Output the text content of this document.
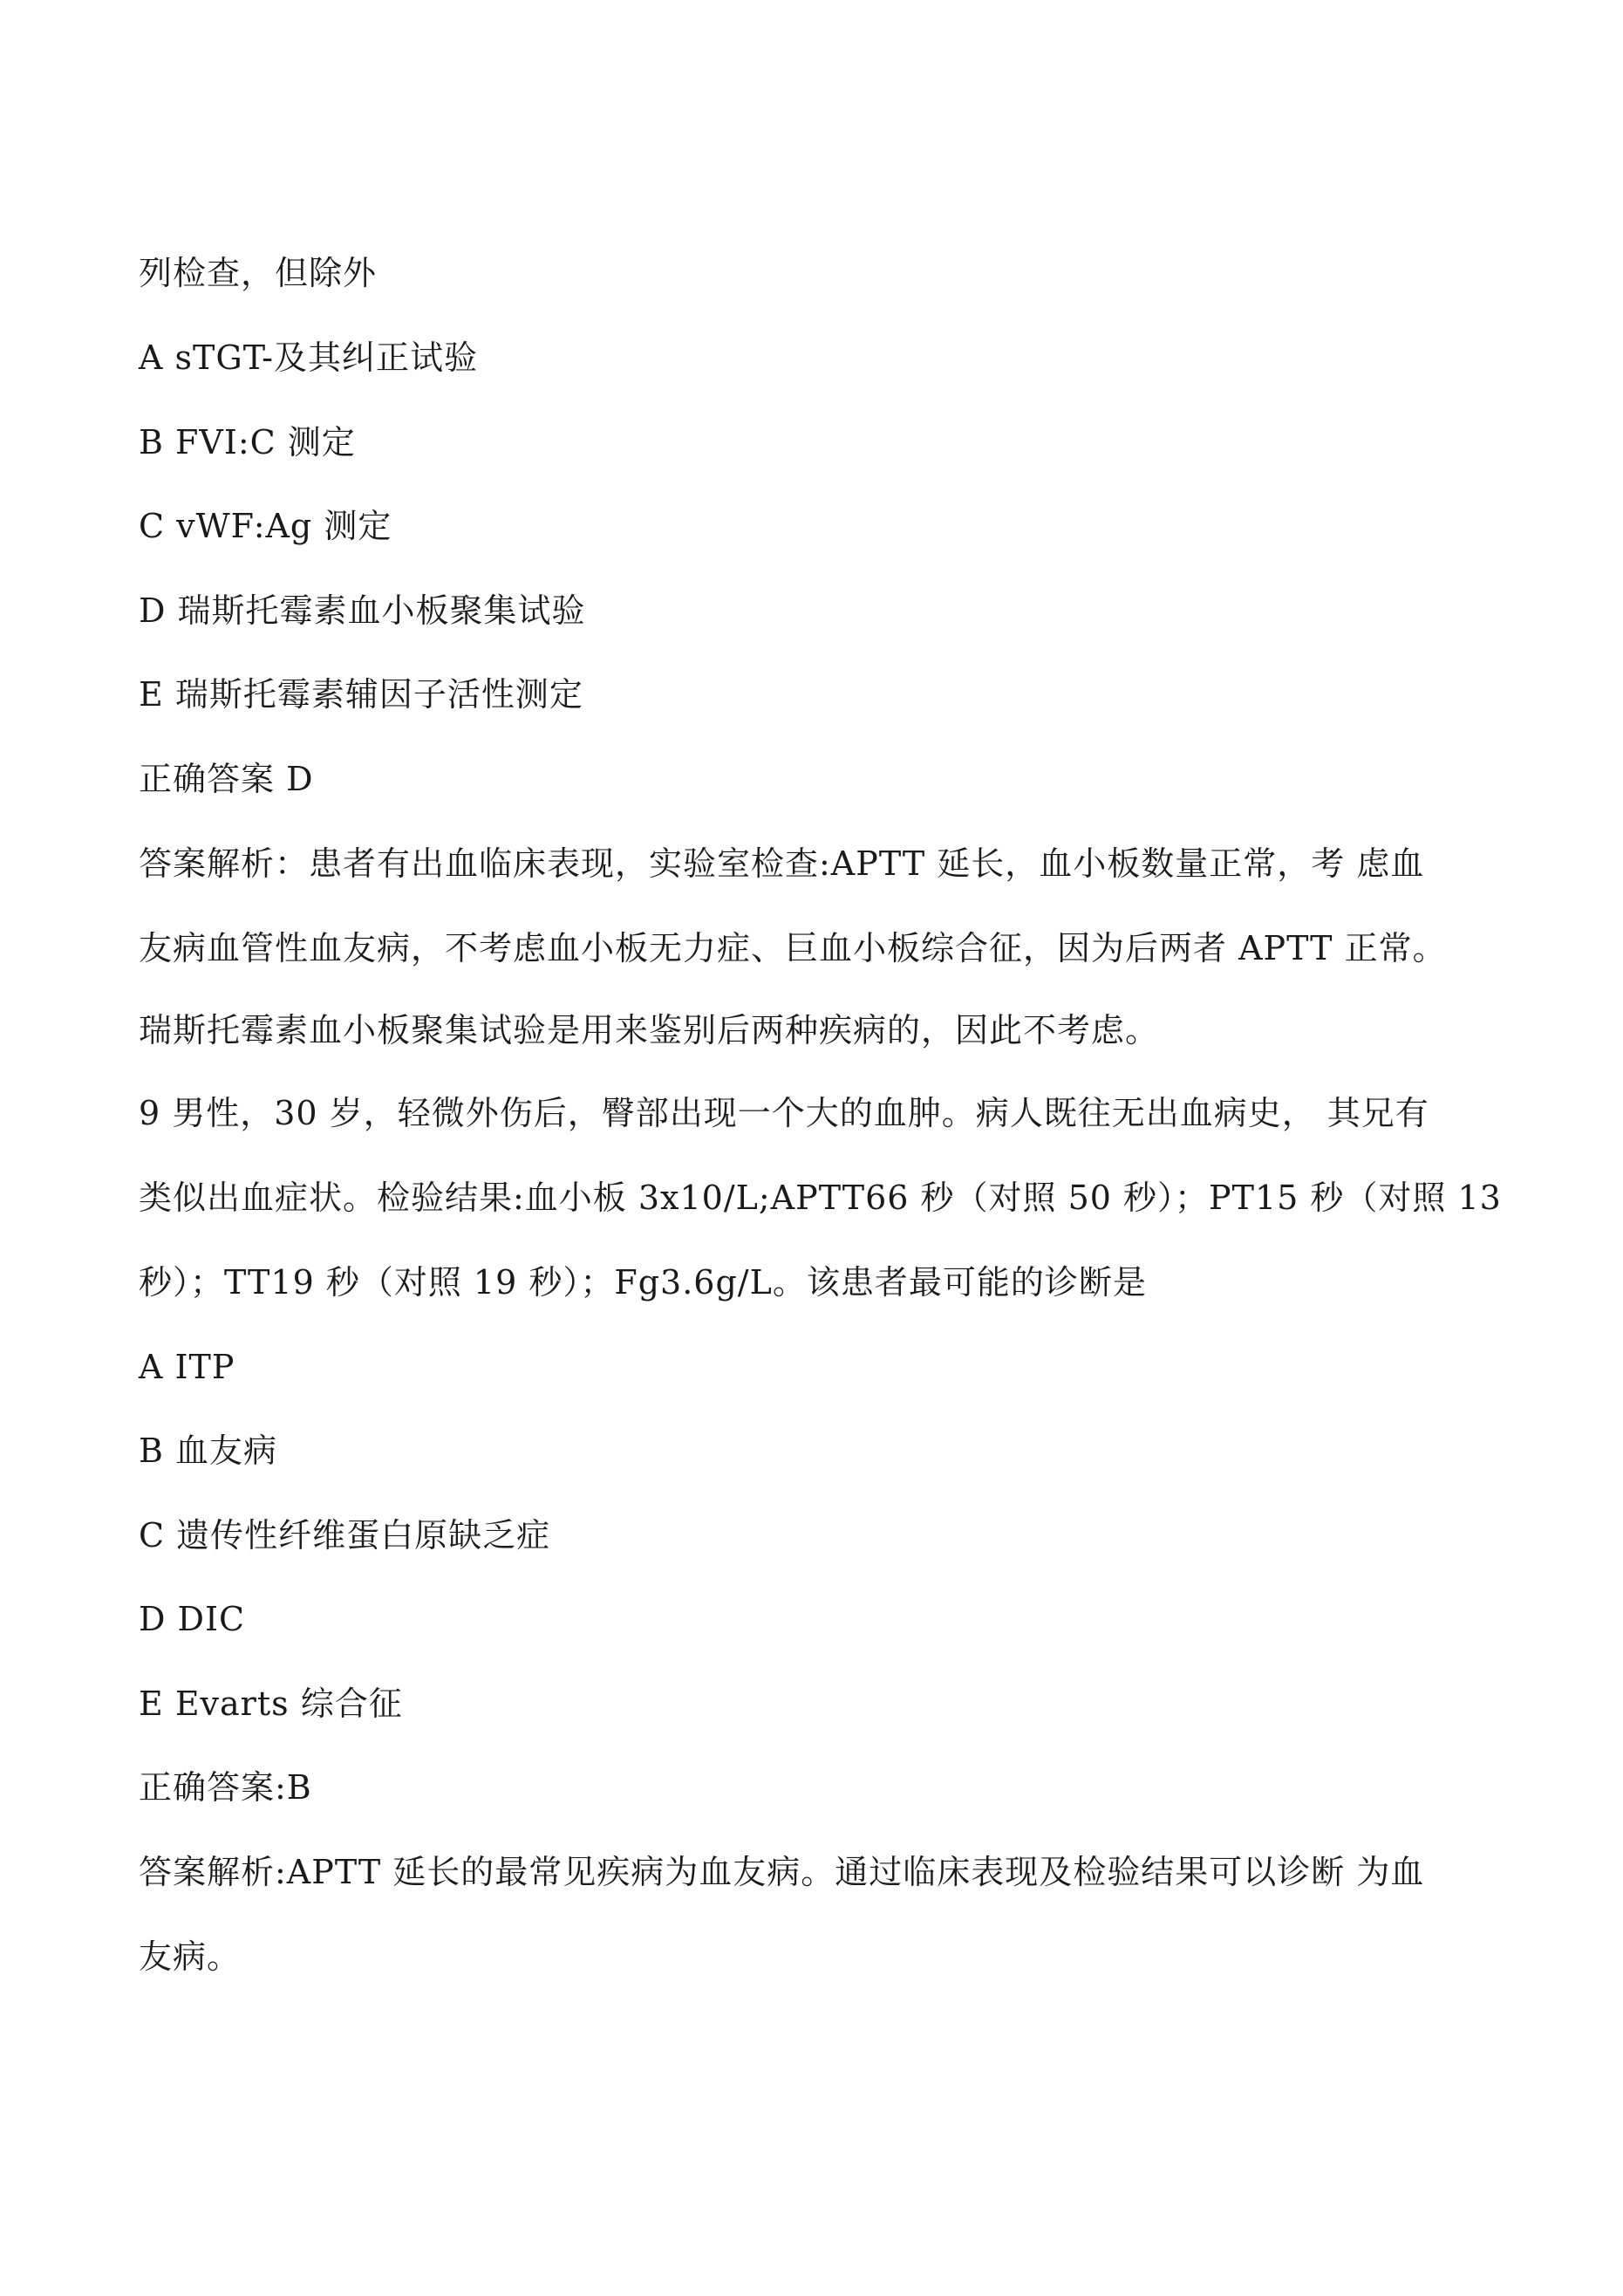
列检查，但除外
A sTGT-及其纠正试验
B FVI:C 测定
C vWF:Ag 测定
D 瑞斯托霉素血小板聚集试验
E 瑞斯托霉素辅因子活性测定
正确答案 D
答案解析：患者有出血临床表现，实验室检查:APTT 延长，血小板数量正常，考 虑血
友病血管性血友病，不考虑血小板无力症、巨血小板综合征，因为后两者 APTT 正常。
瑞斯托霉素血小板聚集试验是用来鉴别后两种疾病的，因此不考虑。
9 男性，30 岁，轻微外伤后，臀部出现一个大的血肿。病人既往无出血病史， 其兄有
类似出血症状。检验结果:血小板 3x10/L;APTT66 秒（对照 50 秒）；PT15 秒（对照 13
秒）；TT19 秒（对照 19 秒）；Fg3.6g/L。该患者最可能的诊断是
A ITP
B 血友病
C 遗传性纤维蛋白原缺乏症
D DIC
E Evarts 综合征
正确答案:B
答案解析:APTT 延长的最常见疾病为血友病。通过临床表现及检验结果可以诊断 为血
友病。
